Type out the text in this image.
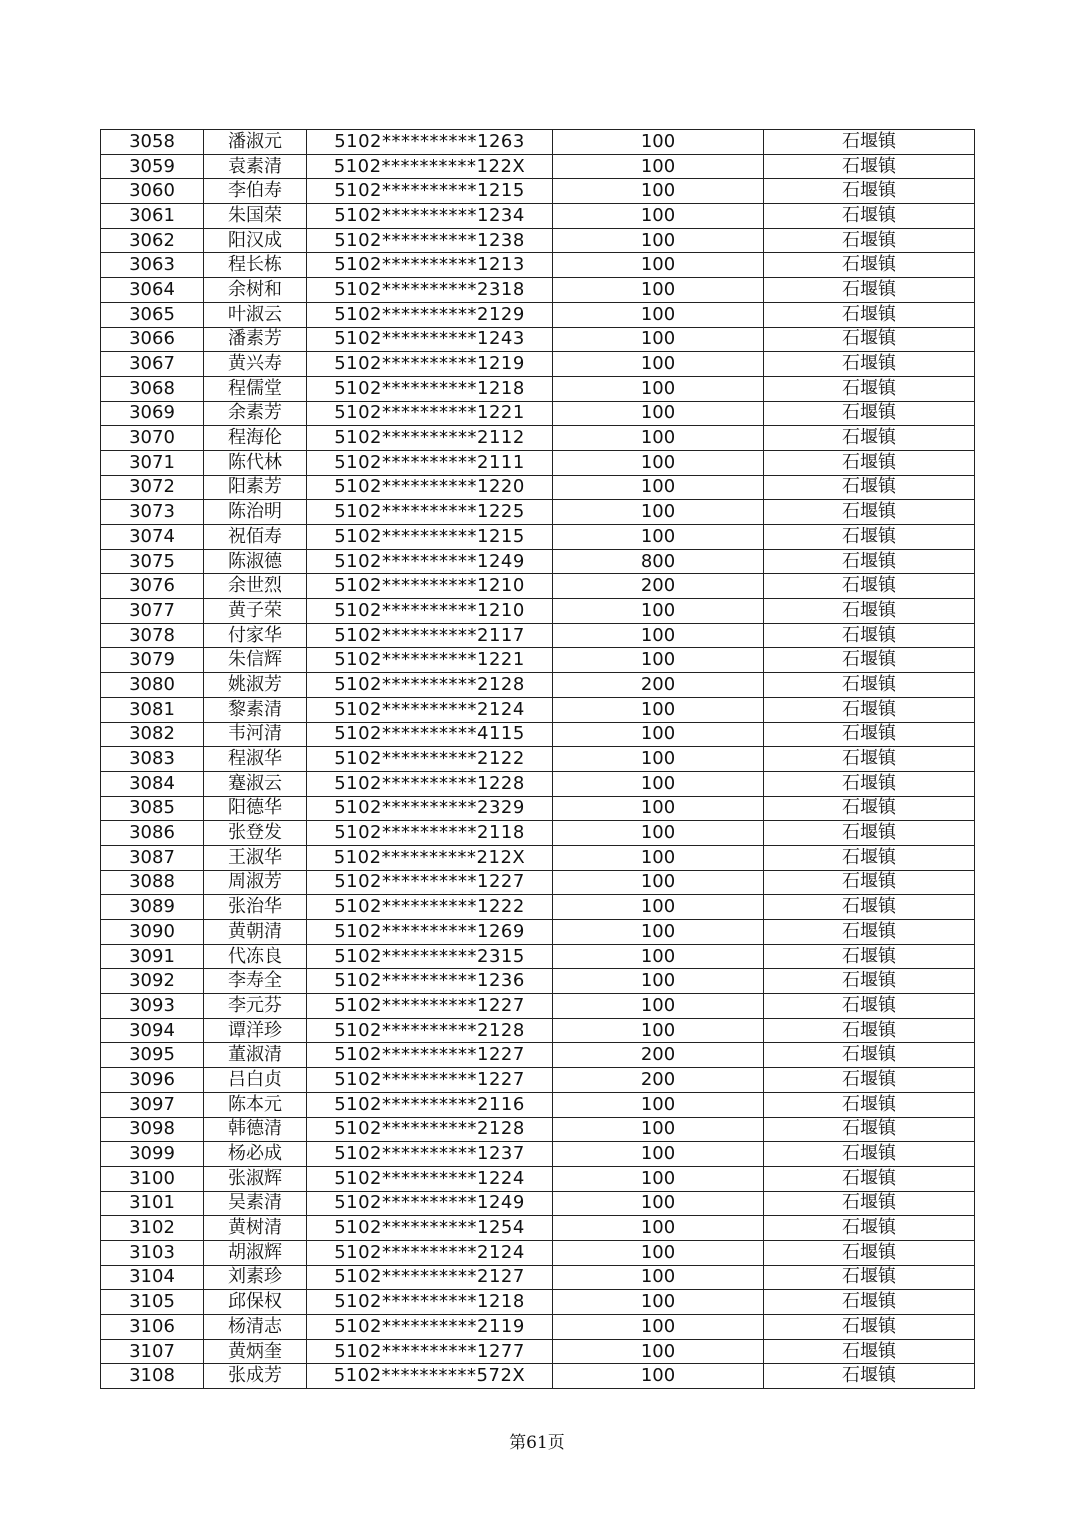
3058	潘淑元	5102**********1263	100	石堰镇
3059	袁素清	5102**********122X	100	石堰镇
3060	李伯寿	5102**********1215	100	石堰镇
3061	朱国荣	5102**********1234	100	石堰镇
3062	阳汉成	5102**********1238	100	石堰镇
3063	程长栋	5102**********1213	100	石堰镇
3064	余树和	5102**********2318	100	石堰镇
3065	叶淑云	5102**********2129	100	石堰镇
3066	潘素芳	5102**********1243	100	石堰镇
3067	黄兴寿	5102**********1219	100	石堰镇
3068	程儒堂	5102**********1218	100	石堰镇
3069	余素芳	5102**********1221	100	石堰镇
3070	程海伦	5102**********2112	100	石堰镇
3071	陈代林	5102**********2111	100	石堰镇
3072	阳素芳	5102**********1220	100	石堰镇
3073	陈治明	5102**********1225	100	石堰镇
3074	祝佰寿	5102**********1215	100	石堰镇
3075	陈淑德	5102**********1249	800	石堰镇
3076	余世烈	5102**********1210	200	石堰镇
3077	黄子荣	5102**********1210	100	石堰镇
3078	付家华	5102**********2117	100	石堰镇
3079	朱信辉	5102**********1221	100	石堰镇
3080	姚淑芳	5102**********2128	200	石堰镇
3081	黎素清	5102**********2124	100	石堰镇
3082	韦河清	5102**********4115	100	石堰镇
3083	程淑华	5102**********2122	100	石堰镇
3084	蹇淑云	5102**********1228	100	石堰镇
3085	阳德华	5102**********2329	100	石堰镇
3086	张登发	5102**********2118	100	石堰镇
3087	王淑华	5102**********212X	100	石堰镇
3088	周淑芳	5102**********1227	100	石堰镇
3089	张治华	5102**********1222	100	石堰镇
3090	黄朝清	5102**********1269	100	石堰镇
3091	代冻良	5102**********2315	100	石堰镇
3092	李寿全	5102**********1236	100	石堰镇
3093	李元芬	5102**********1227	100	石堰镇
3094	谭洋珍	5102**********2128	100	石堰镇
3095	董淑清	5102**********1227	200	石堰镇
3096	吕白贞	5102**********1227	200	石堰镇
3097	陈本元	5102**********2116	100	石堰镇
3098	韩德清	5102**********2128	100	石堰镇
3099	杨必成	5102**********1237	100	石堰镇
3100	张淑辉	5102**********1224	100	石堰镇
3101	吴素清	5102**********1249	100	石堰镇
3102	黄树清	5102**********1254	100	石堰镇
3103	胡淑辉	5102**********2124	100	石堰镇
3104	刘素珍	5102**********2127	100	石堰镇
3105	邱保权	5102**********1218	100	石堰镇
3106	杨清志	5102**********2119	100	石堰镇
3107	黄炳奎	5102**********1277	100	石堰镇
3108	张成芳	5102**********572X	100	石堰镇
第61页
